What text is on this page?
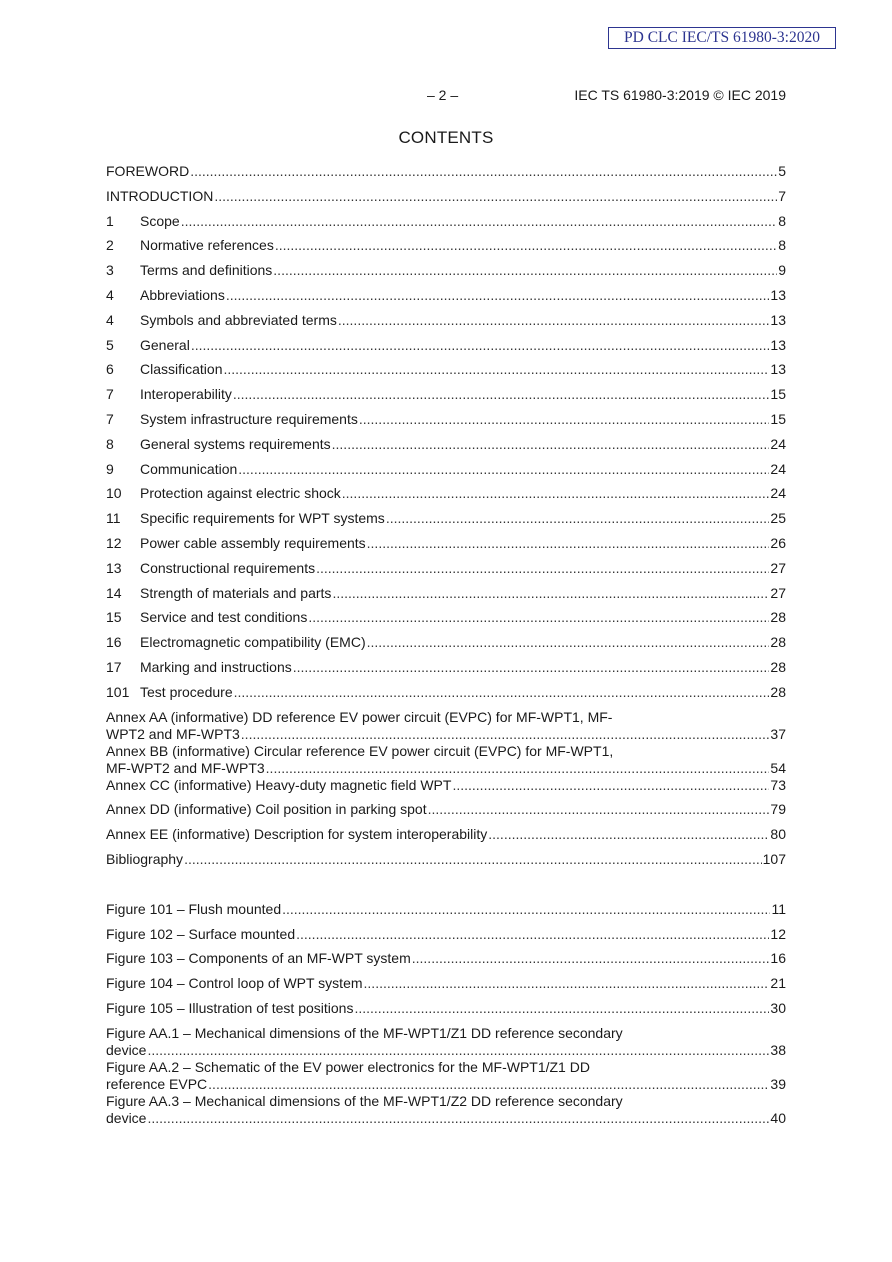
PD CLC IEC/TS 61980-3:2020
– 2 –	IEC TS 61980-3:2019 © IEC 2019
CONTENTS
FOREWORD .....	5
INTRODUCTION .....	7
1	Scope .....	8
2	Normative references .....	8
3	Terms and definitions .....	9
4	Abbreviations .....	13
4	Symbols and abbreviated terms .....	13
5	General .....	13
6	Classification .....	13
7	Interoperability .....	15
7	System infrastructure requirements .....	15
8	General systems requirements .....	24
9	Communication .....	24
10	Protection against electric shock .....	24
11	Specific requirements for WPT systems .....	25
12	Power cable assembly requirements .....	26
13	Constructional requirements .....	27
14	Strength of materials and parts .....	27
15	Service and test conditions .....	28
16	Electromagnetic compatibility (EMC) .....	28
17	Marking and instructions .....	28
101 Test procedure .....	28
Annex AA (informative) DD reference EV power circuit (EVPC) for MF-WPT1, MF-
WPT2 and MF-WPT3 .....	37
Annex BB (informative) Circular reference EV power circuit (EVPC) for MF-WPT1,
MF-WPT2 and MF-WPT3 .....	54
Annex CC (informative) Heavy-duty magnetic field WPT .....	73
Annex DD (informative) Coil position in parking spot .....	79
Annex EE (informative) Description for system interoperability .....	80
Bibliography .....	107
Figure 101 – Flush mounted .....	11
Figure 102 – Surface mounted .....	12
Figure 103 – Components of an MF-WPT system .....	16
Figure 104 – Control loop of WPT system .....	21
Figure 105 – Illustration of test positions .....	30
Figure AA.1 – Mechanical dimensions of the MF-WPT1/Z1 DD reference secondary
device .....	38
Figure AA.2 – Schematic of the EV power electronics for the MF-WPT1/Z1 DD
reference EVPC .....	39
Figure AA.3 – Mechanical dimensions of the MF-WPT1/Z2 DD reference secondary
device .....	40
